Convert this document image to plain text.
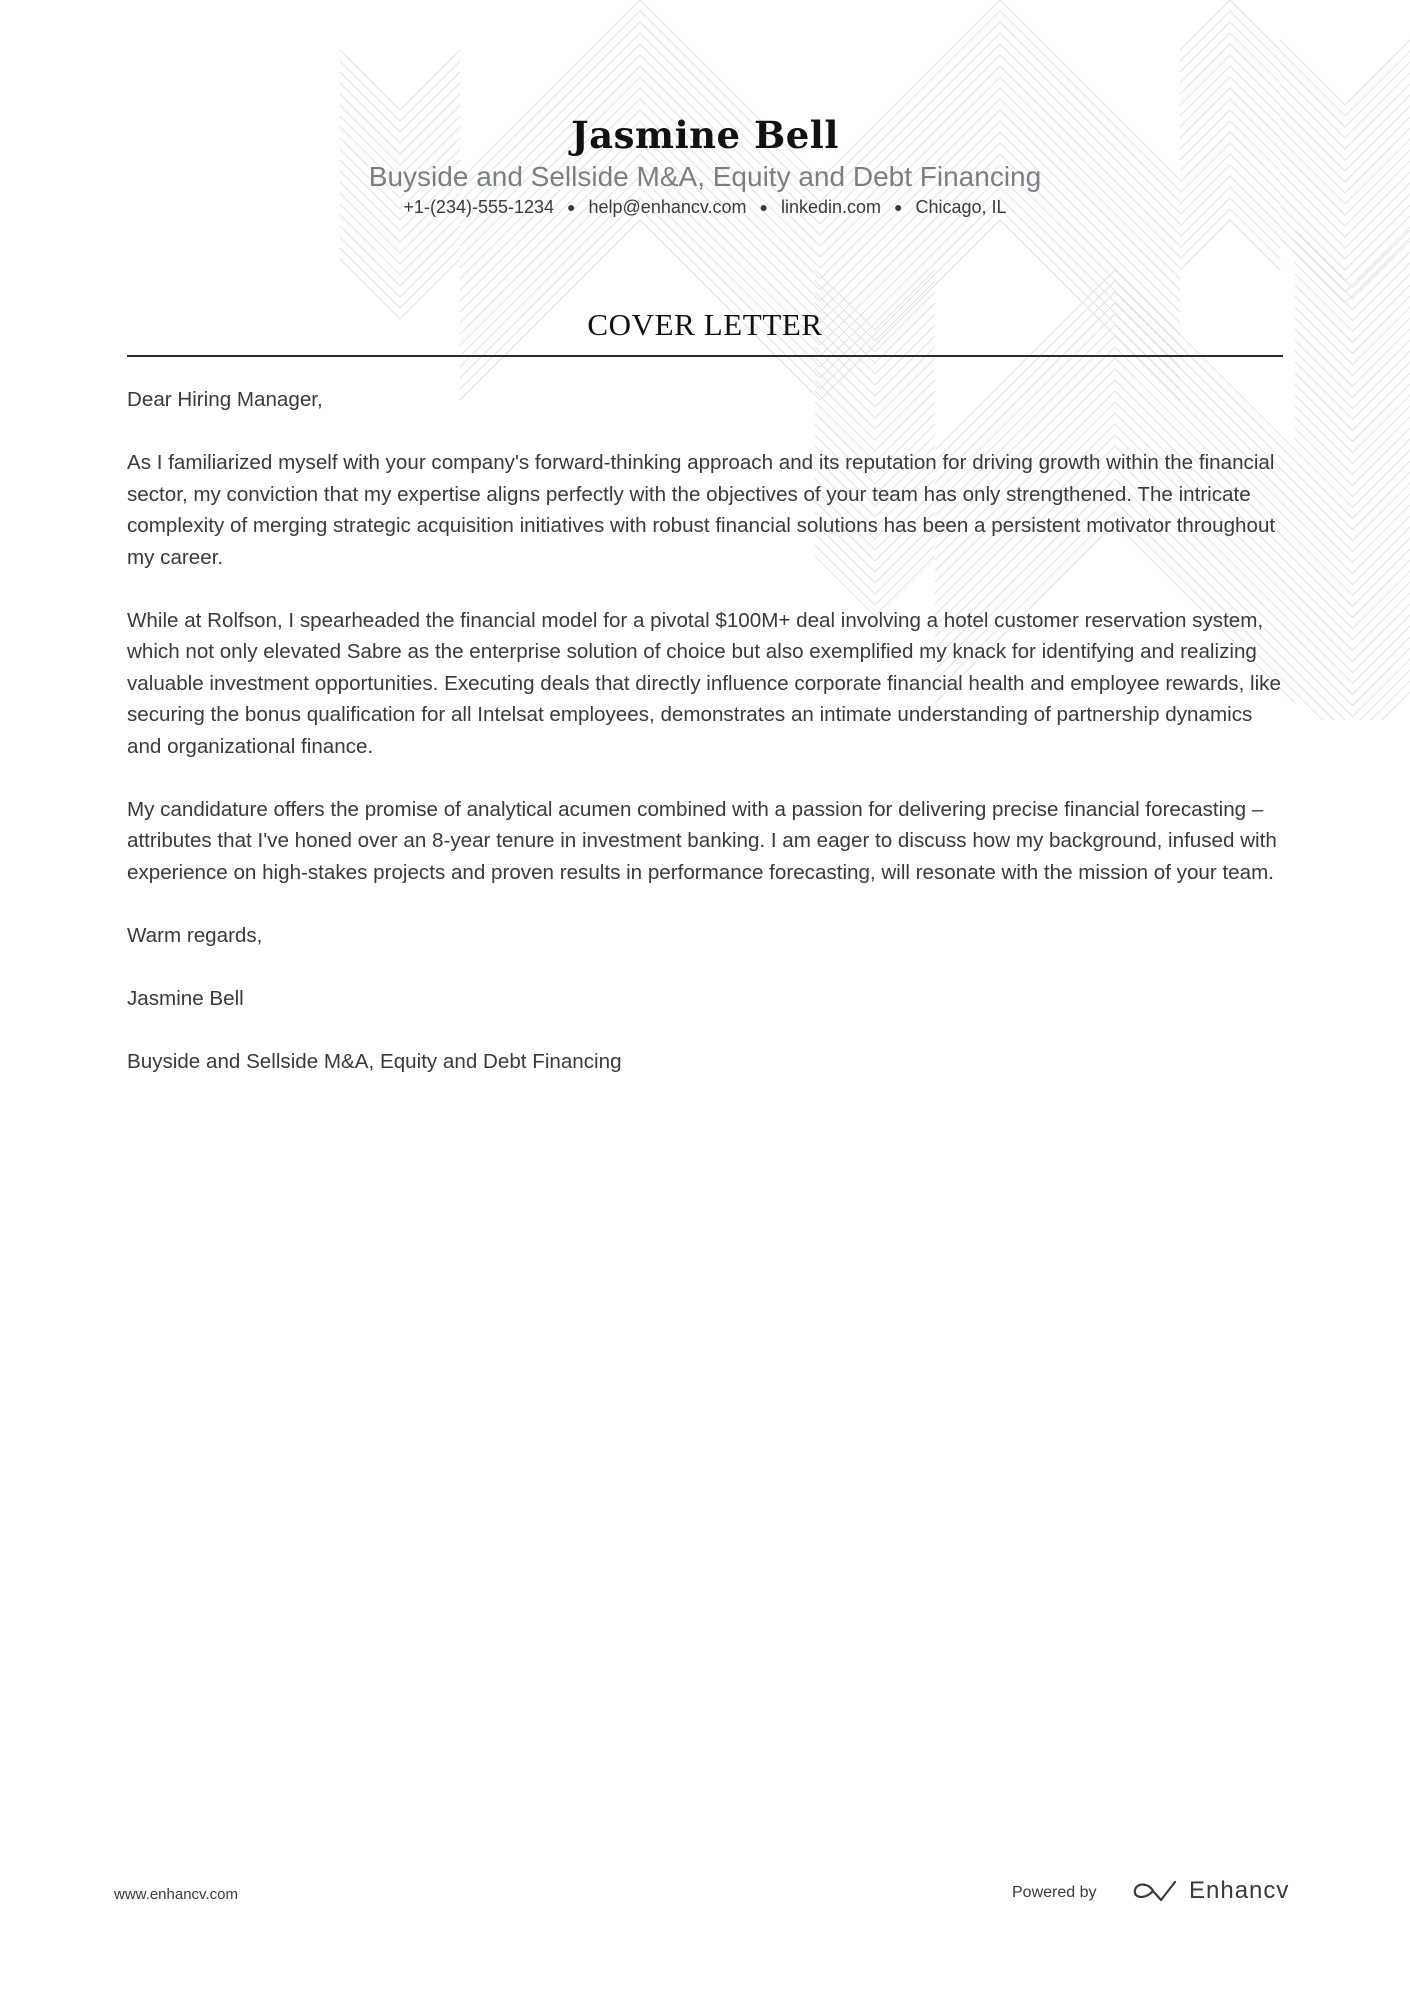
Jasmine Bell
Buyside and Sellside M&A, Equity and Debt Financing
+1-(234)-555-1234 ● help@enhancv.com ● linkedin.com ● Chicago, IL
COVER LETTER

Dear Hiring Manager,

As I familiarized myself with your company's forward-thinking approach and its reputation for driving growth within the financial sector, my conviction that my expertise aligns perfectly with the objectives of your team has only strengthened. The intricate complexity of merging strategic acquisition initiatives with robust financial solutions has been a persistent motivator throughout my career.

While at Rolfson, I spearheaded the financial model for a pivotal $100M+ deal involving a hotel customer reservation system, which not only elevated Sabre as the enterprise solution of choice but also exemplified my knack for identifying and realizing valuable investment opportunities. Executing deals that directly influence corporate financial health and employee rewards, like securing the bonus qualification for all Intelsat employees, demonstrates an intimate understanding of partnership dynamics and organizational finance.

My candidature offers the promise of analytical acumen combined with a passion for delivering precise financial forecasting – attributes that I've honed over an 8-year tenure in investment banking. I am eager to discuss how my background, infused with experience on high-stakes projects and proven results in performance forecasting, will resonate with the mission of your team.

Warm regards,

Jasmine Bell

Buyside and Sellside M&A, Equity and Debt Financing

www.enhancv.com	Powered by	Enhancv
